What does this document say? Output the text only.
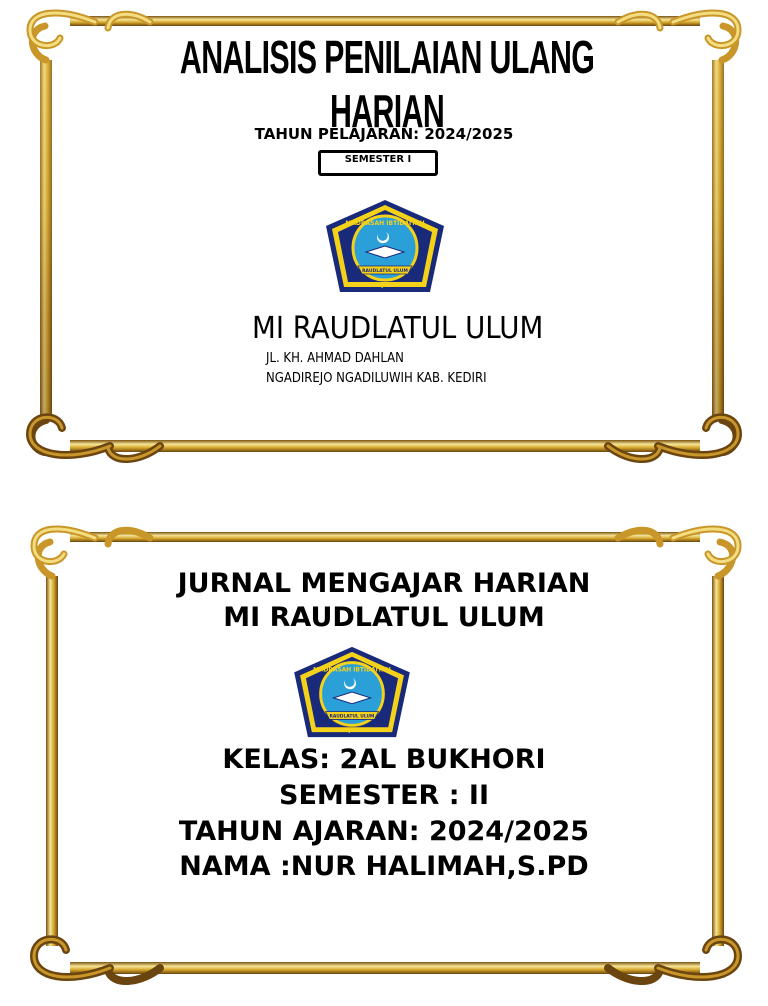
ANALISIS PENILAIAN ULANG HARIAN
TAHUN PELAJARAN: 2024/2025
SEMESTER I
MADRASAH IBTIDAIYAH
RAUDLATUL ULUM
NGADIREJO - DUKUH
MI RAUDLATUL ULUM
JL. KH. AHMAD DAHLAN
NGADIREJO NGADILUWIH KAB. KEDIRI
JURNAL MENGAJAR HARIAN
MI RAUDLATUL ULUM
MADRASAH IBTIDAIYAH
RAUDLATUL ULUM
NGADIREJO - DUKUH
KELAS: 2AL BUKHORI
SEMESTER : II
TAHUN AJARAN: 2024/2025
NAMA :NUR HALIMAH,S.PD
